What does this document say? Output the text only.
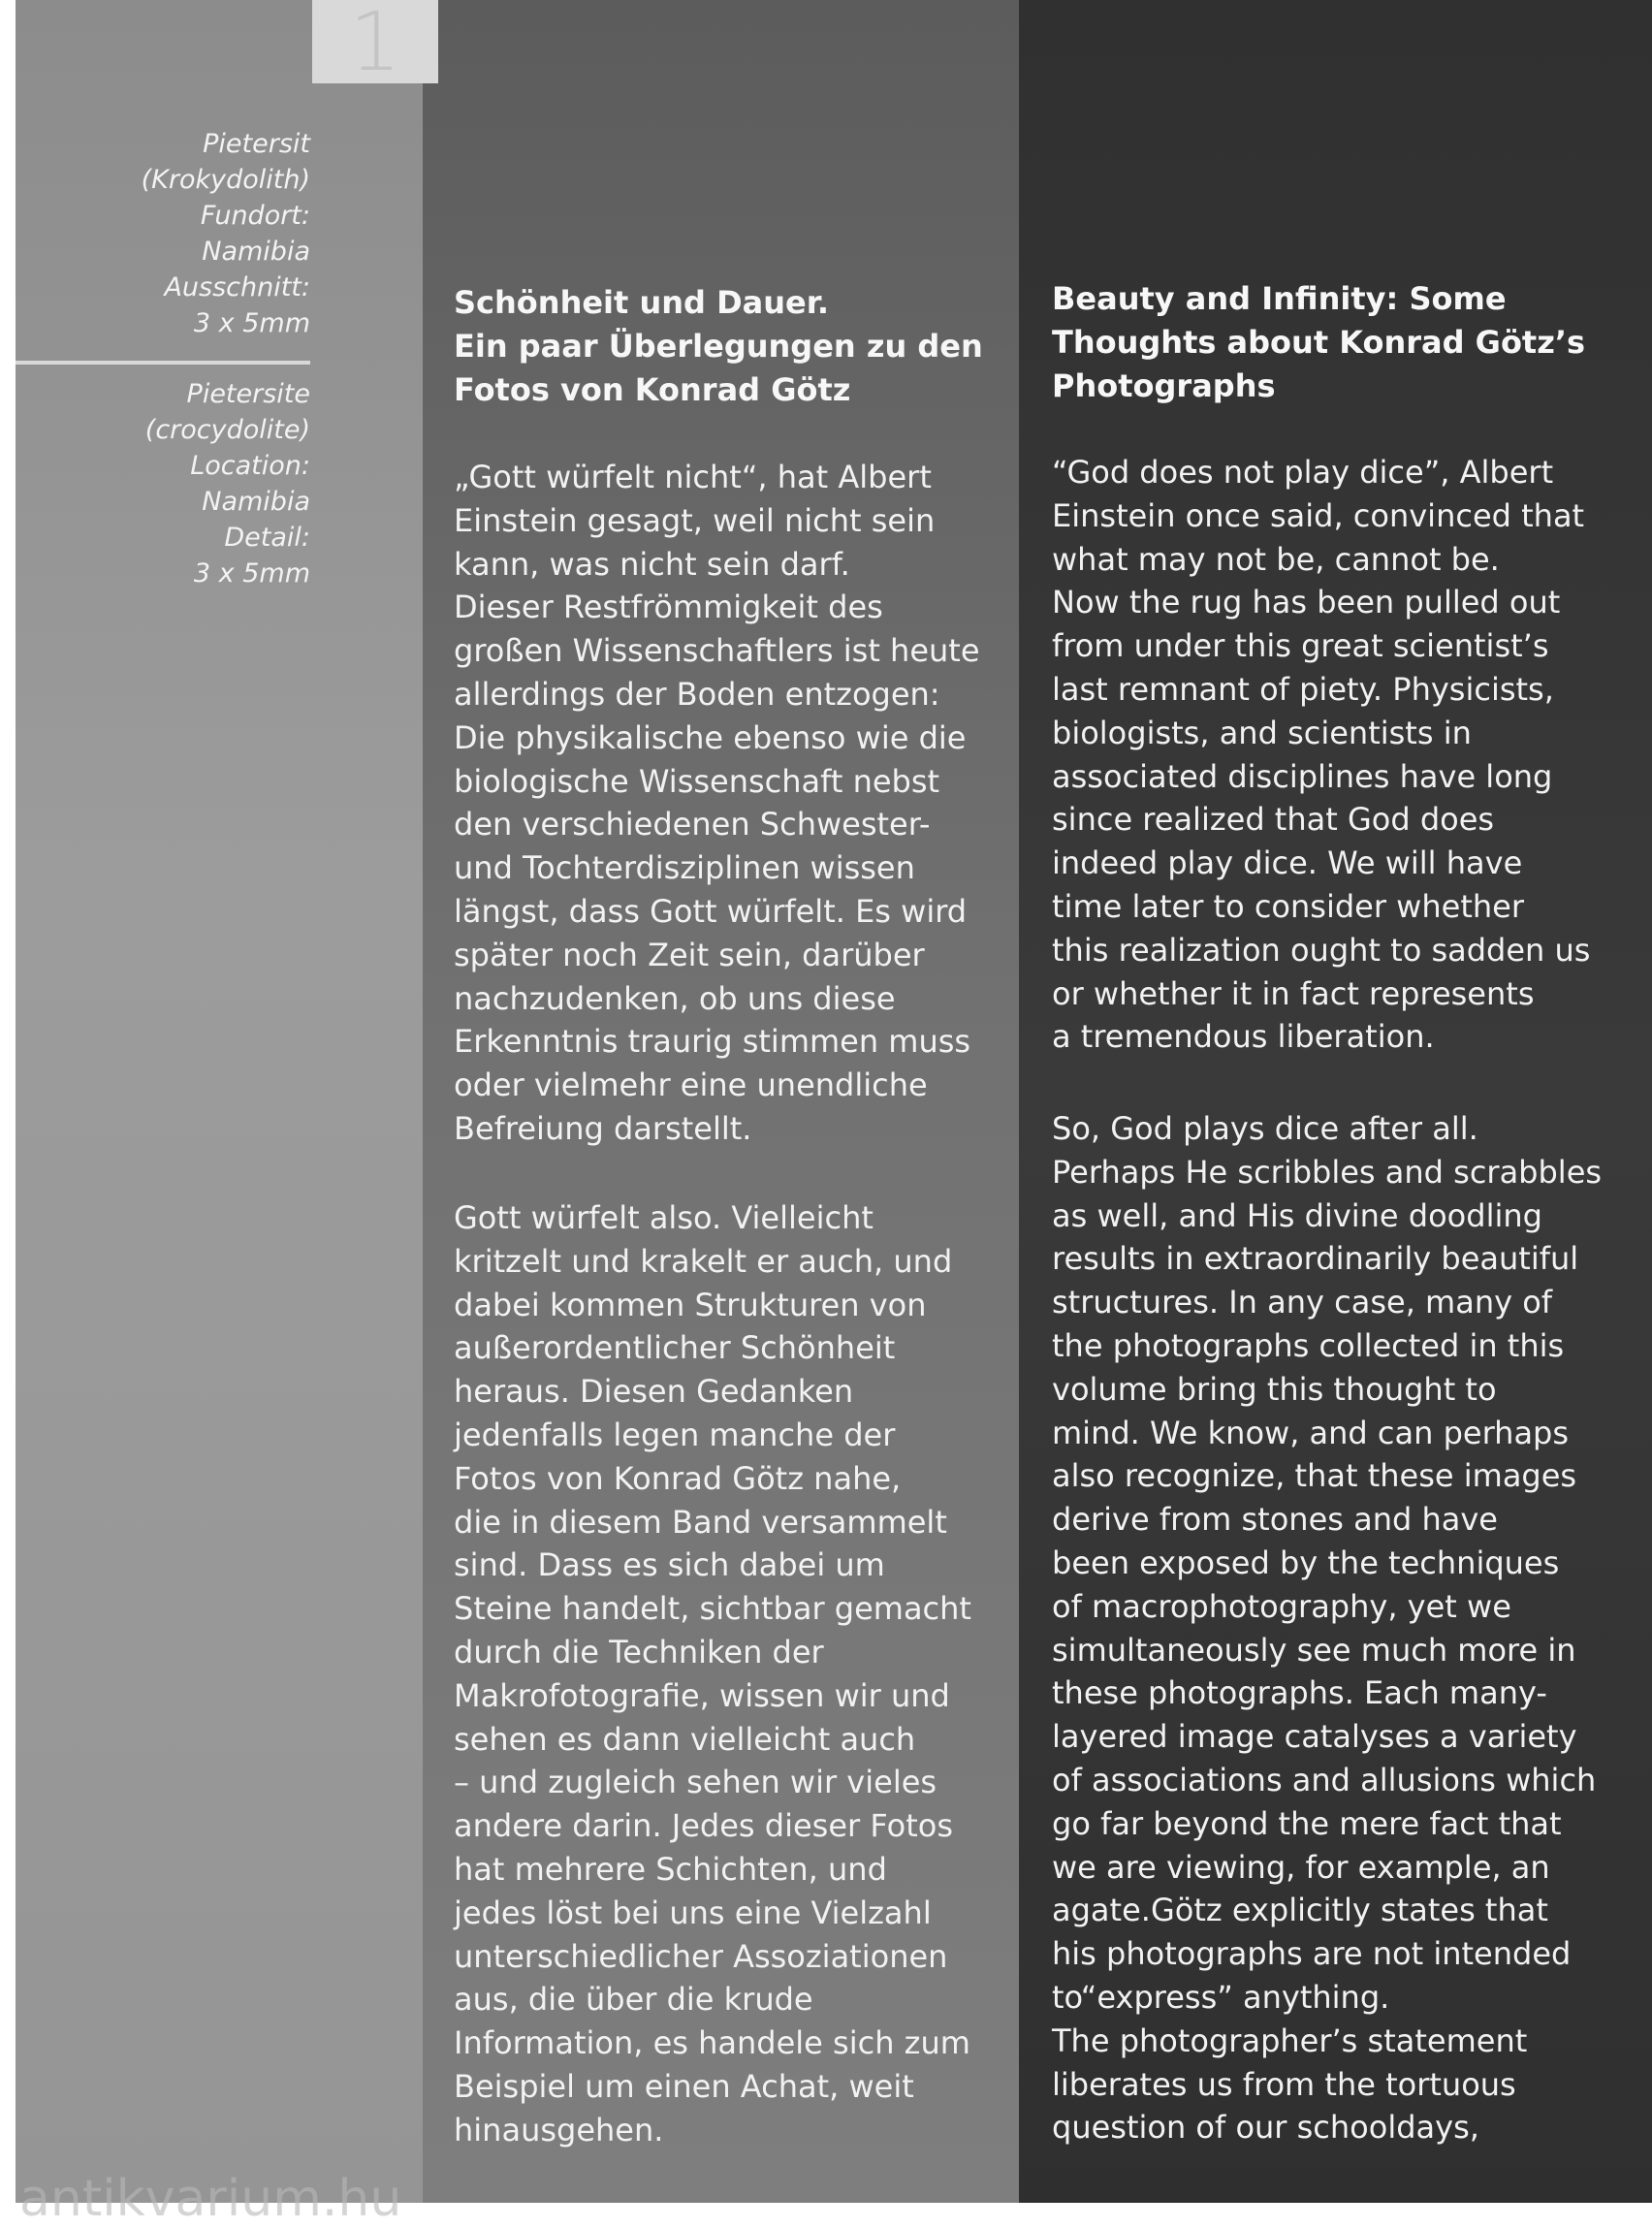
Pietersit
(Krokydolith)
Fundort:
Namibia
Ausschnitt:
3 x 5mm
Pietersite
(crocydolite)
Location:
Namibia
Detail:
3 x 5mm
Schönheit und Dauer.
Ein paar Überlegungen zu den
Fotos von Konrad Götz
„Gott würfelt nicht“, hat Albert
Einstein gesagt, weil nicht sein
kann, was nicht sein darf.
Dieser Restfrömmigkeit des
großen Wissenschaftlers ist heute
allerdings der Boden entzogen:
Die physikalische ebenso wie die
biologische Wissenschaft nebst
den verschiedenen Schwester-
und Tochterdisziplinen wissen
längst, dass Gott würfelt. Es wird
später noch Zeit sein, darüber
nachzudenken, ob uns diese
Erkenntnis traurig stimmen muss
oder vielmehr eine unendliche
Befreiung darstellt.
Gott würfelt also. Vielleicht
kritzelt und krakelt er auch, und
dabei kommen Strukturen von
außerordentlicher Schönheit
heraus. Diesen Gedanken
jedenfalls legen manche der
Fotos von Konrad Götz nahe,
die in diesem Band versammelt
sind. Dass es sich dabei um
Steine handelt, sichtbar gemacht
durch die Techniken der
Makrofotografie, wissen wir und
sehen es dann vielleicht auch
– und zugleich sehen wir vieles
andere darin. Jedes dieser Fotos
hat mehrere Schichten, und
jedes löst bei uns eine Vielzahl
unterschiedlicher Assoziationen
aus, die über die krude
Information, es handele sich zum
Beispiel um einen Achat, weit
hinausgehen.
Beauty and Infinity: Some
Thoughts about Konrad Götz’s
Photographs
“God does not play dice”, Albert
Einstein once said, convinced that
what may not be, cannot be.
Now the rug has been pulled out
from under this great scientist’s
last remnant of piety. Physicists,
biologists, and scientists in
associated disciplines have long
since realized that God does
indeed play dice. We will have
time later to consider whether
this realization ought to sadden us
or whether it in fact represents
a tremendous liberation.
So, God plays dice after all.
Perhaps He scribbles and scrabbles
as well, and His divine doodling
results in extraordinarily beautiful
structures. In any case, many of
the photographs collected in this
volume bring this thought to
mind. We know, and can perhaps
also recognize, that these images
derive from stones and have
been exposed by the techniques
of macrophotography, yet we
simultaneously see much more in
these photographs. Each many-
layered image catalyses a variety
of associations and allusions which
go far beyond the mere fact that
we are viewing, for example, an
agate.Götz explicitly states that
his photographs are not intended
to“express” anything.
The photographer’s statement
liberates us from the tortuous
question of our schooldays,
1
antikvarium.hu
